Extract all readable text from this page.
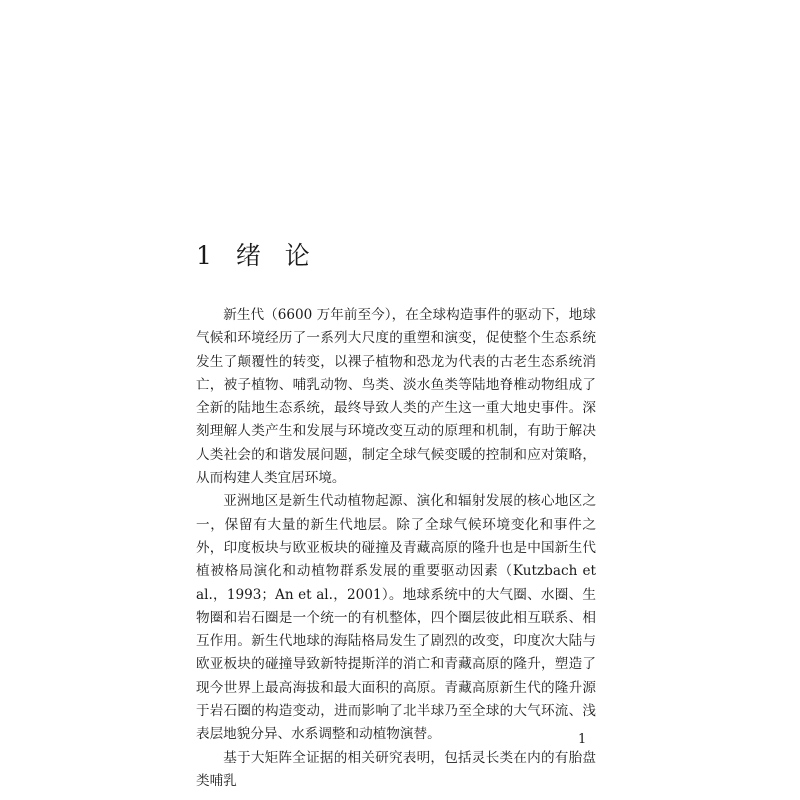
1 绪 论

新生代（6600 万年前至今），在全球构造事件的驱动下，地球气候和环境经历了一系列大尺度的重塑和演变，促使整个生态系统发生了颠覆性的转变，以裸子植物和恐龙为代表的古老生态系统消亡，被子植物、哺乳动物、鸟类、淡水鱼类等陆地脊椎动物组成了全新的陆地生态系统，最终导致人类的产生这一重大地史事件。深刻理解人类产生和发展与环境改变互动的原理和机制，有助于解决人类社会的和谐发展问题，制定全球气候变暖的控制和应对策略，从而构建人类宜居环境。

亚洲地区是新生代动植物起源、演化和辐射发展的核心地区之一，保留有大量的新生代地层。除了全球气候环境变化和事件之外，印度板块与欧亚板块的碰撞及青藏高原的隆升也是中国新生代植被格局演化和动植物群系发展的重要驱动因素（Kutzbach et al.，1993；An et al.，2001）。地球系统中的大气圈、水圈、生物圈和岩石圈是一个统一的有机整体，四个圈层彼此相互联系、相互作用。新生代地球的海陆格局发生了剧烈的改变，印度次大陆与欧亚板块的碰撞导致新特提斯洋的消亡和青藏高原的隆升，塑造了现今世界上最高海拔和最大面积的高原。青藏高原新生代的隆升源于岩石圈的构造变动，进而影响了北半球乃至全球的大气环流、浅表层地貌分异、水系调整和动植物演替。

基于大矩阵全证据的相关研究表明，包括灵长类在内的有胎盘类哺乳

1
